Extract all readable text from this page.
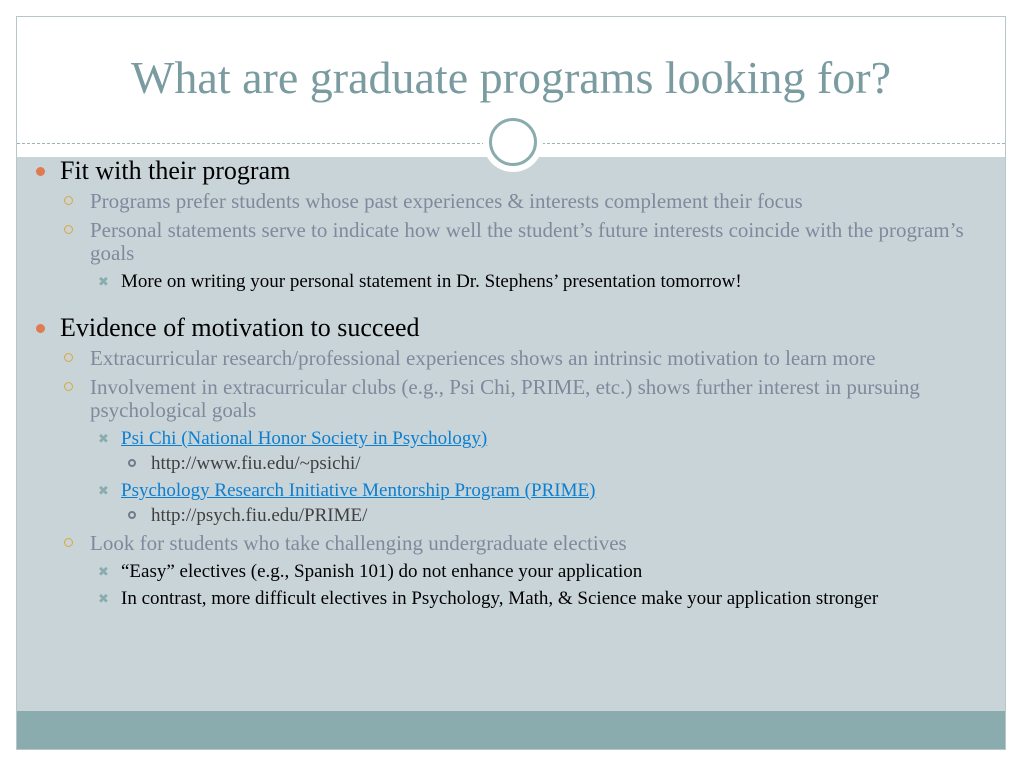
What are graduate programs looking for?
Fit with their program
Programs prefer students whose past experiences & interests complement their focus
Personal statements serve to indicate how well the student’s future interests coincide with the program’s goals
✖ More on writing your personal statement in Dr. Stephens’ presentation tomorrow!
Evidence of motivation to succeed
Extracurricular research/professional experiences shows an intrinsic motivation to learn more
Involvement in extracurricular clubs (e.g., Psi Chi, PRIME, etc.) shows further interest in pursuing psychological goals
✖ Psi Chi (National Honor Society in Psychology)
http://www.fiu.edu/~psichi/
✖ Psychology Research Initiative Mentorship Program (PRIME)
http://psych.fiu.edu/PRIME/
Look for students who take challenging undergraduate electives
✖ “Easy” electives (e.g., Spanish 101) do not enhance your application
✖ In contrast, more difficult electives in Psychology, Math, & Science make your application stronger
